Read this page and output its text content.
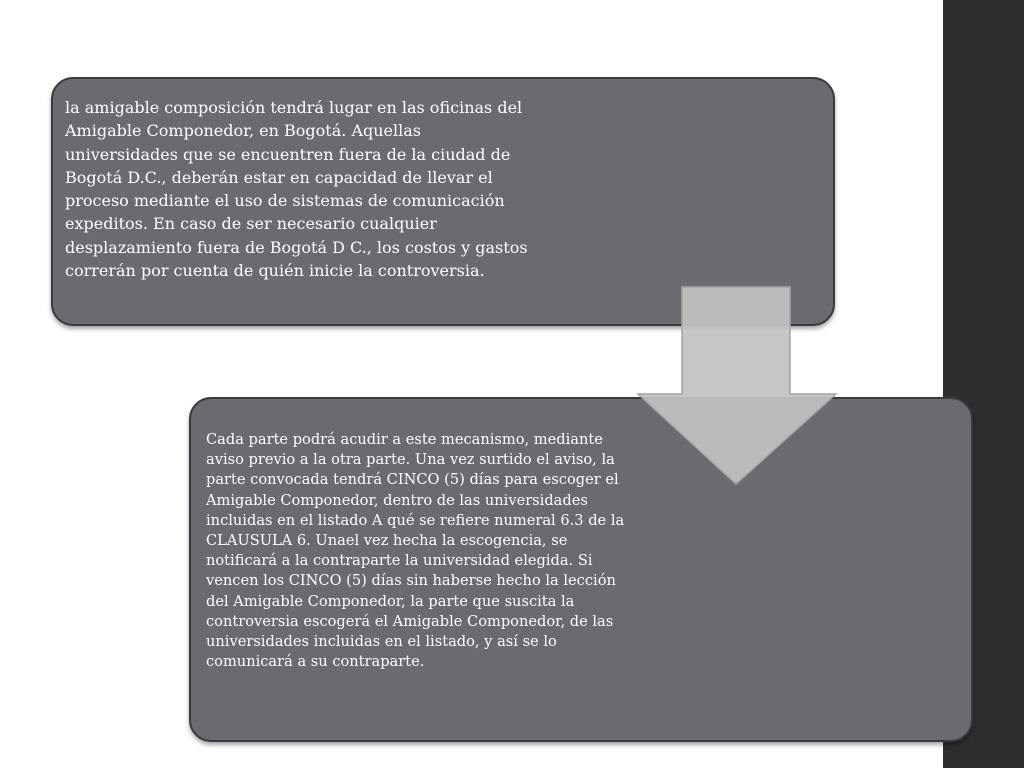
la amigable composición tendrá lugar en las oficinas del Amigable Componedor, en Bogotá. Aquellas universidades que se encuentren fuera de la ciudad de Bogotá D.C., deberán estar en capacidad de llevar el proceso mediante el uso de sistemas de comunicación expeditos. En caso de ser necesario cualquier desplazamiento fuera de Bogotá D C., los costos y gastos correrán por cuenta de quién inicie la controversia.

Cada parte podrá acudir a este mecanismo, mediante aviso previo a la otra parte. Una vez surtido el aviso, la parte convocada tendrá CINCO (5) días para escoger el Amigable Componedor, dentro de las universidades incluidas en el listado A qué se refiere numeral 6.3 de la CLAUSULA 6. Unael vez hecha la escogencia, se notificará a la contraparte la universidad elegida. Si vencen los CINCO (5) días sin haberse hecho la lección del Amigable Componedor, la parte que suscita la controversia escogerá el Amigable Componedor, de las universidades incluidas en el listado, y así se lo comunicará a su contraparte.
